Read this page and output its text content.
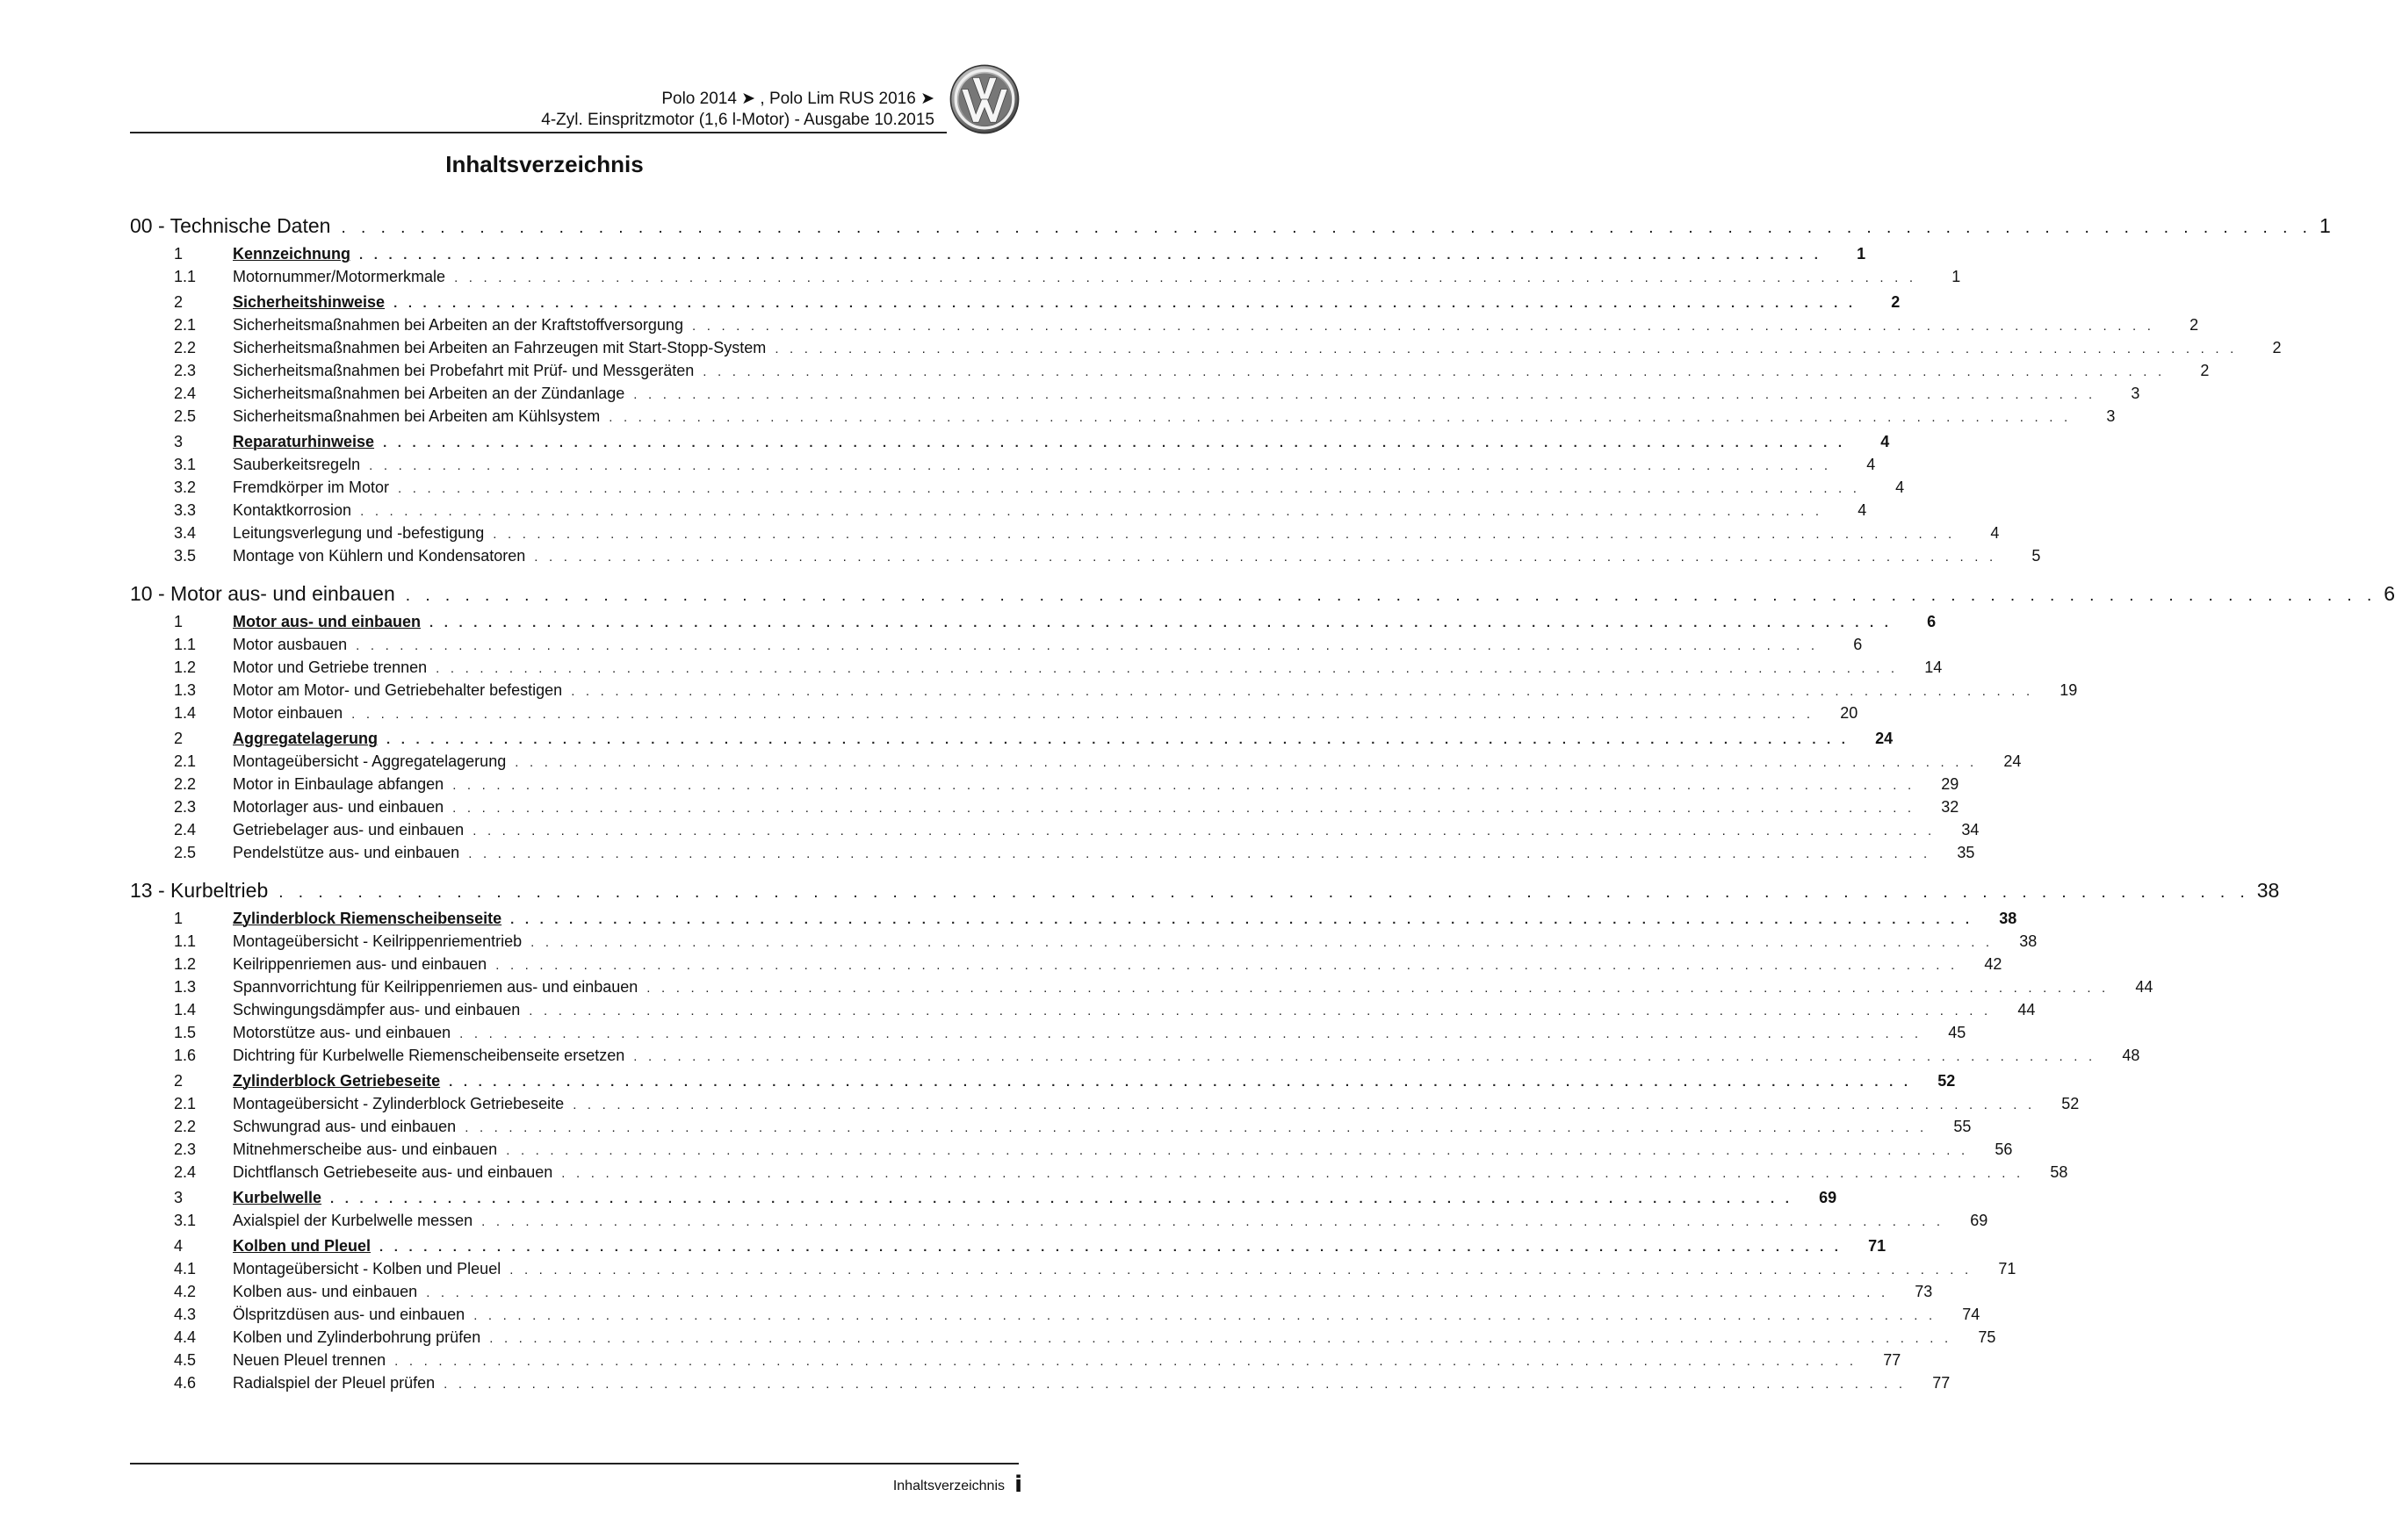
Polo 2014 ➤ , Polo Lim RUS 2016 ➤
4-Zyl. Einspritzmotor (1,6 l-Motor) - Ausgabe 10.2015
Inhaltsverzeichnis
00 - Technische Daten . . . . . . . . . . . . . . . . . . . . . . . . . . . . . . . . . . . . . . . . . . . . . . . . . . . . . . . . . . . . . . . . . . . . . . . . . . . . . . . . . . . . . . . . . . . . . . . . . . . . 1
1	Kennzeichnung . . . . . . . . . . . . . . . . . . . . . . . . . . . . . . . . . . . . . . . . . . . . . . . . . . . . . . . . . . . . . . . . . . . . . . . . . . . . . . . . . . . . . . . . . . . . . . . . . . . .	1
1.1	Motornummer/Motormerkmale . . . . . . . . . . . . . . . . . . . . . . . . . . . . . . . . . . . . . . . . . . . . . . . . . . . . . . . . . . . . . . . . . . . . . . . . . . . . . . . . . . . . . . . . . . . . . . . . . . . .	1
2	Sicherheitshinweise . . . . . . . . . . . . . . . . . . . . . . . . . . . . . . . . . . . . . . . . . . . . . . . . . . . . . . . . . . . . . . . . . . . . . . . . . . . . . . . . . . . . . . . . . . . . . . . . . . . .	2
2.1	Sicherheitsmaßnahmen bei Arbeiten an der Kraftstoffversorgung . . . . . . . . . . . . . . . . . . . . . . . . . . . . . . . . . . . . . . . . . . . . . . . . . . . . . . . . . . . . . . . . . . . . . . . . . . . . . . . . . . . . . . . . . . . . . . . . . . . .	2
2.2	Sicherheitsmaßnahmen bei Arbeiten an Fahrzeugen mit Start-Stopp-System . . . . . . . . . . . . . . . . . . . . . . . . . . . . . . . . . . . . . . . . . . . . . . . . . . . . . . . . . . . . . . . . . . . . . . . . . . . . . . . . . . . . . . . . . . . . . . . . . . . .	2
2.3	Sicherheitsmaßnahmen bei Probefahrt mit Prüf- und Messgeräten . . . . . . . . . . . . . . . . . . . . . . . . . . . . . . . . . . . . . . . . . . . . . . . . . . . . . . . . . . . . . . . . . . . . . . . . . . . . . . . . . . . . . . . . . . . . . . . . . . . .	2
2.4	Sicherheitsmaßnahmen bei Arbeiten an der Zündanlage . . . . . . . . . . . . . . . . . . . . . . . . . . . . . . . . . . . . . . . . . . . . . . . . . . . . . . . . . . . . . . . . . . . . . . . . . . . . . . . . . . . . . . . . . . . . . . . . . . . .	3
2.5	Sicherheitsmaßnahmen bei Arbeiten am Kühlsystem . . . . . . . . . . . . . . . . . . . . . . . . . . . . . . . . . . . . . . . . . . . . . . . . . . . . . . . . . . . . . . . . . . . . . . . . . . . . . . . . . . . . . . . . . . . . . . . . . . . .	3
3	Reparaturhinweise . . . . . . . . . . . . . . . . . . . . . . . . . . . . . . . . . . . . . . . . . . . . . . . . . . . . . . . . . . . . . . . . . . . . . . . . . . . . . . . . . . . . . . . . . . . . . . . . . . . .	4
3.1	Sauberkeitsregeln . . . . . . . . . . . . . . . . . . . . . . . . . . . . . . . . . . . . . . . . . . . . . . . . . . . . . . . . . . . . . . . . . . . . . . . . . . . . . . . . . . . . . . . . . . . . . . . . . . . .	4
3.2	Fremdkörper im Motor . . . . . . . . . . . . . . . . . . . . . . . . . . . . . . . . . . . . . . . . . . . . . . . . . . . . . . . . . . . . . . . . . . . . . . . . . . . . . . . . . . . . . . . . . . . . . . . . . . . .	4
3.3	Kontaktkorrosion . . . . . . . . . . . . . . . . . . . . . . . . . . . . . . . . . . . . . . . . . . . . . . . . . . . . . . . . . . . . . . . . . . . . . . . . . . . . . . . . . . . . . . . . . . . . . . . . . . . .	4
3.4	Leitungsverlegung und -befestigung . . . . . . . . . . . . . . . . . . . . . . . . . . . . . . . . . . . . . . . . . . . . . . . . . . . . . . . . . . . . . . . . . . . . . . . . . . . . . . . . . . . . . . . . . . . . . . . . . . . .	4
3.5	Montage von Kühlern und Kondensatoren . . . . . . . . . . . . . . . . . . . . . . . . . . . . . . . . . . . . . . . . . . . . . . . . . . . . . . . . . . . . . . . . . . . . . . . . . . . . . . . . . . . . . . . . . . . . . . . . . . . .	5
10 - Motor aus- und einbauen . . . . . . . . . . . . . . . . . . . . . . . . . . . . . . . . . . . . . . . . . . . . . . . . . . . . . . . . . . . . . . . . . . . . . . . . . . . . . . . . . . . . . . . . . . . . . . . . . . . . 6
1	Motor aus- und einbauen . . . . . . . . . . . . . . . . . . . . . . . . . . . . . . . . . . . . . . . . . . . . . . . . . . . . . . . . . . . . . . . . . . . . . . . . . . . . . . . . . . . . . . . . . . . . . . . . . . . .	6
1.1	Motor ausbauen . . . . . . . . . . . . . . . . . . . . . . . . . . . . . . . . . . . . . . . . . . . . . . . . . . . . . . . . . . . . . . . . . . . . . . . . . . . . . . . . . . . . . . . . . . . . . . . . . . . .	6
1.2	Motor und Getriebe trennen . . . . . . . . . . . . . . . . . . . . . . . . . . . . . . . . . . . . . . . . . . . . . . . . . . . . . . . . . . . . . . . . . . . . . . . . . . . . . . . . . . . . . . . . . . . . . . . . . . . .	14
1.3	Motor am Motor- und Getriebehalter befestigen . . . . . . . . . . . . . . . . . . . . . . . . . . . . . . . . . . . . . . . . . . . . . . . . . . . . . . . . . . . . . . . . . . . . . . . . . . . . . . . . . . . . . . . . . . . . . . . . . . . .	19
1.4	Motor einbauen . . . . . . . . . . . . . . . . . . . . . . . . . . . . . . . . . . . . . . . . . . . . . . . . . . . . . . . . . . . . . . . . . . . . . . . . . . . . . . . . . . . . . . . . . . . . . . . . . . . .	20
2	Aggregatelagerung . . . . . . . . . . . . . . . . . . . . . . . . . . . . . . . . . . . . . . . . . . . . . . . . . . . . . . . . . . . . . . . . . . . . . . . . . . . . . . . . . . . . . . . . . . . . . . . . . . . .	24
2.1	Montageübersicht - Aggregatelagerung . . . . . . . . . . . . . . . . . . . . . . . . . . . . . . . . . . . . . . . . . . . . . . . . . . . . . . . . . . . . . . . . . . . . . . . . . . . . . . . . . . . . . . . . . . . . . . . . . . . .	24
2.2	Motor in Einbaulage abfangen . . . . . . . . . . . . . . . . . . . . . . . . . . . . . . . . . . . . . . . . . . . . . . . . . . . . . . . . . . . . . . . . . . . . . . . . . . . . . . . . . . . . . . . . . . . . . . . . . . . .	29
2.3	Motorlager aus- und einbauen . . . . . . . . . . . . . . . . . . . . . . . . . . . . . . . . . . . . . . . . . . . . . . . . . . . . . . . . . . . . . . . . . . . . . . . . . . . . . . . . . . . . . . . . . . . . . . . . . . . .	32
2.4	Getriebelager aus- und einbauen . . . . . . . . . . . . . . . . . . . . . . . . . . . . . . . . . . . . . . . . . . . . . . . . . . . . . . . . . . . . . . . . . . . . . . . . . . . . . . . . . . . . . . . . . . . . . . . . . . . .	34
2.5	Pendelstütze aus- und einbauen . . . . . . . . . . . . . . . . . . . . . . . . . . . . . . . . . . . . . . . . . . . . . . . . . . . . . . . . . . . . . . . . . . . . . . . . . . . . . . . . . . . . . . . . . . . . . . . . . . . .	35
13 - Kurbeltrieb . . . . . . . . . . . . . . . . . . . . . . . . . . . . . . . . . . . . . . . . . . . . . . . . . . . . . . . . . . . . . . . . . . . . . . . . . . . . . . . . . . . . . . . . . . . . . . . . . . . . 38
1	Zylinderblock Riemenscheibenseite . . . . . . . . . . . . . . . . . . . . . . . . . . . . . . . . . . . . . . . . . . . . . . . . . . . . . . . . . . . . . . . . . . . . . . . . . . . . . . . . . . . . . . . . . . . . . . . . . . . .	38
1.1	Montageübersicht - Keilrippenriementrieb . . . . . . . . . . . . . . . . . . . . . . . . . . . . . . . . . . . . . . . . . . . . . . . . . . . . . . . . . . . . . . . . . . . . . . . . . . . . . . . . . . . . . . . . . . . . . . . . . . . .	38
1.2	Keilrippenriemen aus- und einbauen . . . . . . . . . . . . . . . . . . . . . . . . . . . . . . . . . . . . . . . . . . . . . . . . . . . . . . . . . . . . . . . . . . . . . . . . . . . . . . . . . . . . . . . . . . . . . . . . . . . .	42
1.3	Spannvorrichtung für Keilrippenriemen aus- und einbauen . . . . . . . . . . . . . . . . . . . . . . . . . . . . . . . . . . . . . . . . . . . . . . . . . . . . . . . . . . . . . . . . . . . . . . . . . . . . . . . . . . . . . . . . . . . . . . . . . . . .	44
1.4	Schwingungsdämpfer aus- und einbauen . . . . . . . . . . . . . . . . . . . . . . . . . . . . . . . . . . . . . . . . . . . . . . . . . . . . . . . . . . . . . . . . . . . . . . . . . . . . . . . . . . . . . . . . . . . . . . . . . . . .	44
1.5	Motorstütze aus- und einbauen . . . . . . . . . . . . . . . . . . . . . . . . . . . . . . . . . . . . . . . . . . . . . . . . . . . . . . . . . . . . . . . . . . . . . . . . . . . . . . . . . . . . . . . . . . . . . . . . . . . .	45
1.6	Dichtring für Kurbelwelle Riemenscheibenseite ersetzen . . . . . . . . . . . . . . . . . . . . . . . . . . . . . . . . . . . . . . . . . . . . . . . . . . . . . . . . . . . . . . . . . . . . . . . . . . . . . . . . . . . . . . . . . . . . . . . . . . . .	48
2	Zylinderblock Getriebeseite . . . . . . . . . . . . . . . . . . . . . . . . . . . . . . . . . . . . . . . . . . . . . . . . . . . . . . . . . . . . . . . . . . . . . . . . . . . . . . . . . . . . . . . . . . . . . . . . . . . .	52
2.1	Montageübersicht - Zylinderblock Getriebeseite . . . . . . . . . . . . . . . . . . . . . . . . . . . . . . . . . . . . . . . . . . . . . . . . . . . . . . . . . . . . . . . . . . . . . . . . . . . . . . . . . . . . . . . . . . . . . . . . . . . .	52
2.2	Schwungrad aus- und einbauen . . . . . . . . . . . . . . . . . . . . . . . . . . . . . . . . . . . . . . . . . . . . . . . . . . . . . . . . . . . . . . . . . . . . . . . . . . . . . . . . . . . . . . . . . . . . . . . . . . . .	55
2.3	Mitnehmerscheibe aus- und einbauen . . . . . . . . . . . . . . . . . . . . . . . . . . . . . . . . . . . . . . . . . . . . . . . . . . . . . . . . . . . . . . . . . . . . . . . . . . . . . . . . . . . . . . . . . . . . . . . . . . . .	56
2.4	Dichtflansch Getriebeseite aus- und einbauen . . . . . . . . . . . . . . . . . . . . . . . . . . . . . . . . . . . . . . . . . . . . . . . . . . . . . . . . . . . . . . . . . . . . . . . . . . . . . . . . . . . . . . . . . . . . . . . . . . . .	58
3	Kurbelwelle . . . . . . . . . . . . . . . . . . . . . . . . . . . . . . . . . . . . . . . . . . . . . . . . . . . . . . . . . . . . . . . . . . . . . . . . . . . . . . . . . . . . . . . . . . . . . . . . . . . .	69
3.1	Axialspiel der Kurbelwelle messen . . . . . . . . . . . . . . . . . . . . . . . . . . . . . . . . . . . . . . . . . . . . . . . . . . . . . . . . . . . . . . . . . . . . . . . . . . . . . . . . . . . . . . . . . . . . . . . . . . . .	69
4	Kolben und Pleuel . . . . . . . . . . . . . . . . . . . . . . . . . . . . . . . . . . . . . . . . . . . . . . . . . . . . . . . . . . . . . . . . . . . . . . . . . . . . . . . . . . . . . . . . . . . . . . . . . . . .	71
4.1	Montageübersicht - Kolben und Pleuel . . . . . . . . . . . . . . . . . . . . . . . . . . . . . . . . . . . . . . . . . . . . . . . . . . . . . . . . . . . . . . . . . . . . . . . . . . . . . . . . . . . . . . . . . . . . . . . . . . . .	71
4.2	Kolben aus- und einbauen . . . . . . . . . . . . . . . . . . . . . . . . . . . . . . . . . . . . . . . . . . . . . . . . . . . . . . . . . . . . . . . . . . . . . . . . . . . . . . . . . . . . . . . . . . . . . . . . . . . .	73
4.3	Ölspritzdüsen aus- und einbauen . . . . . . . . . . . . . . . . . . . . . . . . . . . . . . . . . . . . . . . . . . . . . . . . . . . . . . . . . . . . . . . . . . . . . . . . . . . . . . . . . . . . . . . . . . . . . . . . . . . .	74
4.4	Kolben und Zylinderbohrung prüfen . . . . . . . . . . . . . . . . . . . . . . . . . . . . . . . . . . . . . . . . . . . . . . . . . . . . . . . . . . . . . . . . . . . . . . . . . . . . . . . . . . . . . . . . . . . . . . . . . . . .	75
4.5	Neuen Pleuel trennen . . . . . . . . . . . . . . . . . . . . . . . . . . . . . . . . . . . . . . . . . . . . . . . . . . . . . . . . . . . . . . . . . . . . . . . . . . . . . . . . . . . . . . . . . . . . . . . . . . . .	77
4.6	Radialspiel der Pleuel prüfen . . . . . . . . . . . . . . . . . . . . . . . . . . . . . . . . . . . . . . . . . . . . . . . . . . . . . . . . . . . . . . . . . . . . . . . . . . . . . . . . . . . . . . . . . . . . . . . . . . . .	77
Inhaltsverzeichnis i
